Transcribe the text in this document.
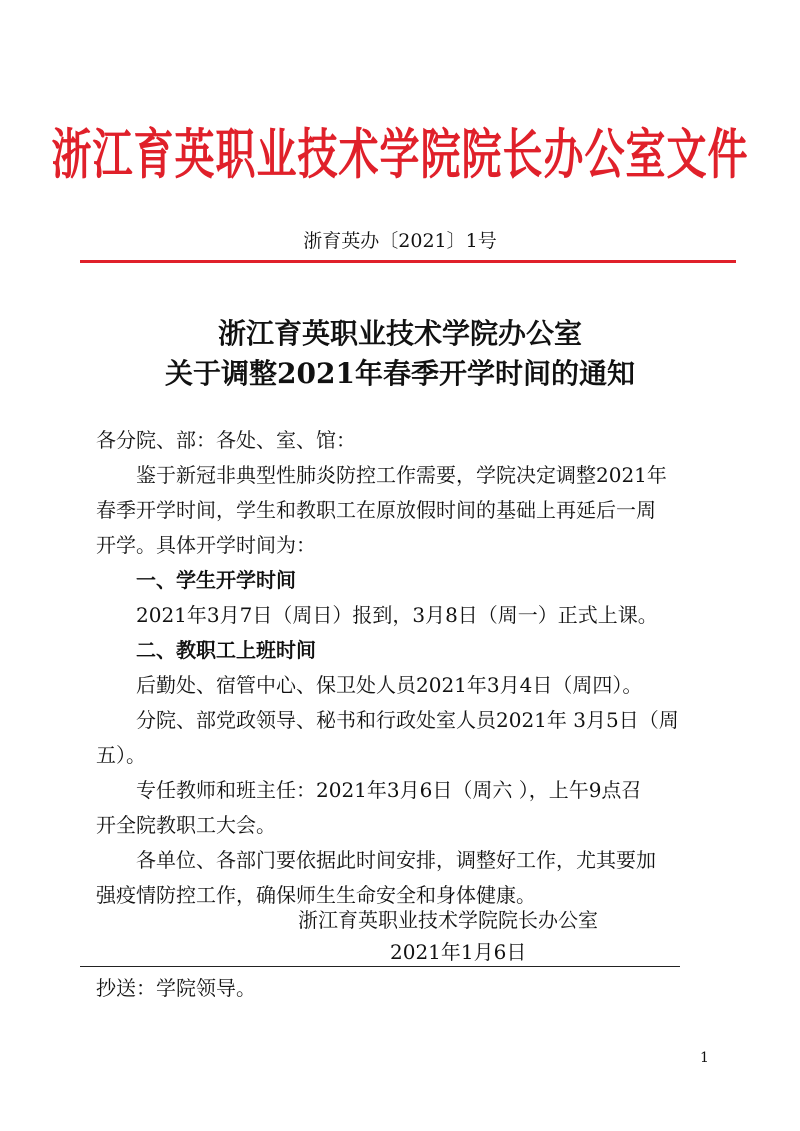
浙江育英职业技术学院院长办公室文件
浙育英办〔2021〕1号
浙江育英职业技术学院办公室
关于调整2021年春季开学时间的通知
各分院、部：各处、室、馆：
鉴于新冠非典型性肺炎防控工作需要，学院决定调整2021年
春季开学时间，学生和教职工在原放假时间的基础上再延后一周
开学。具体开学时间为：
一、学生开学时间
2021年3月7日（周日）报到，3月8日（周一）正式上课。
二、教职工上班时间
后勤处、宿管中心、保卫处人员2021年3月4日（周四）。
分院、部党政领导、秘书和行政处室人员2021年 3月5日（周
五）。
专任教师和班主任：2021年3月6日（周六 ），上午9点召
开全院教职工大会。
各单位、各部门要依据此时间安排，调整好工作，尤其要加
强疫情防控工作，确保师生生命安全和身体健康。
浙江育英职业技术学院院长办公室
2021年1月6日
抄送：学院领导。
1
